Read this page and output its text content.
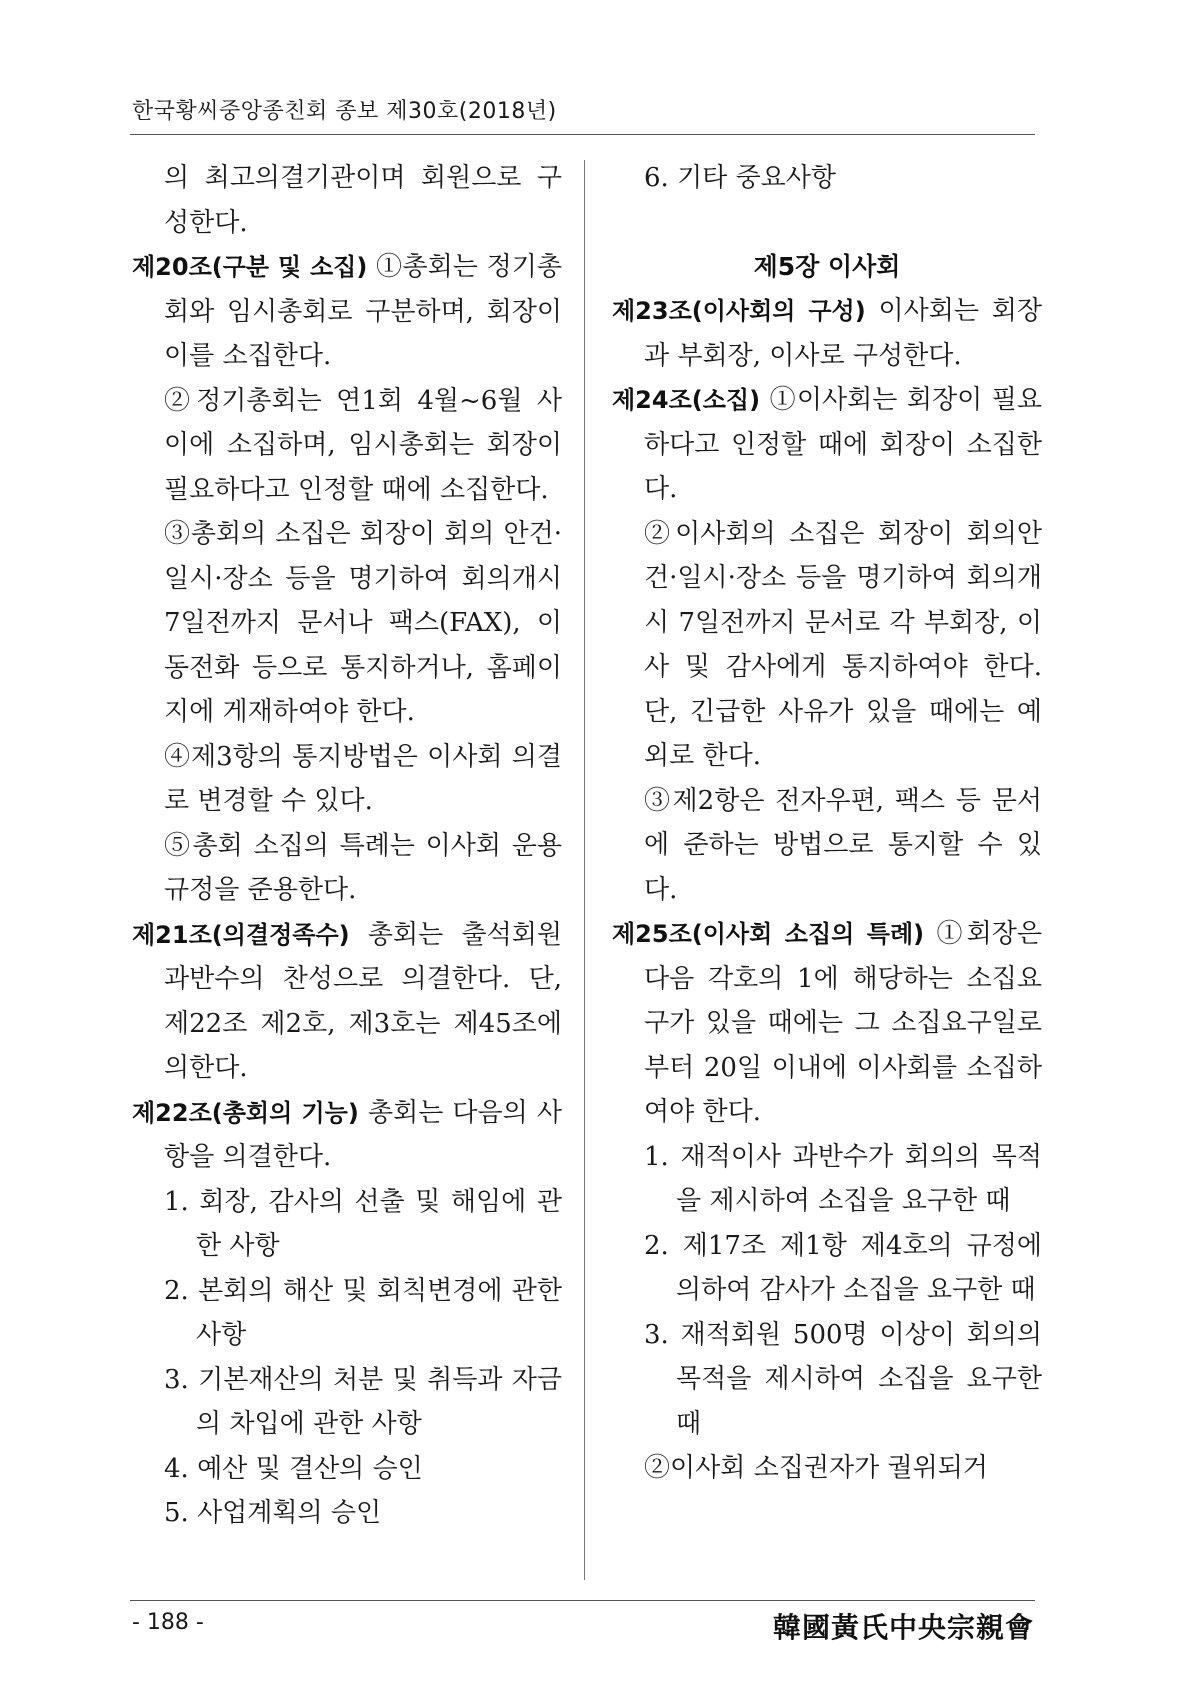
한국황씨중앙종친회 종보 제30호(2018년)

의 최고의결기관이며 회원으로 구성한다.

제20조(구분 및 소집) ①총회는 정기총회와 임시총회로 구분하며, 회장이 이를 소집한다.

②정기총회는 연1회 4월~6월 사이에 소집하며, 임시총회는 회장이 필요하다고 인정할 때에 소집한다.

③총회의 소집은 회장이 회의 안건·일시·장소 등을 명기하여 회의개시 7일전까지 문서나 팩스(FAX), 이동전화 등으로 통지하거나, 홈페이지에 게재하여야 한다.

④제3항의 통지방법은 이사회 의결로 변경할 수 있다.

⑤총회 소집의 특례는 이사회 운용규정을 준용한다.

제21조(의결정족수) 총회는 출석회원 과반수의 찬성으로 의결한다. 단, 제22조 제2호, 제3호는 제45조에 의한다.

제22조(총회의 기능) 총회는 다음의 사항을 의결한다.

1. 회장, 감사의 선출 및 해임에 관한 사항

2. 본회의 해산 및 회칙변경에 관한 사항

3. 기본재산의 처분 및 취득과 자금의 차입에 관한 사항

4. 예산 및 결산의 승인

5. 사업계획의 승인

6. 기타 중요사항

제5장 이사회

제23조(이사회의 구성) 이사회는 회장과 부회장, 이사로 구성한다.

제24조(소집) ①이사회는 회장이 필요하다고 인정할 때에 회장이 소집한다.

②이사회의 소집은 회장이 회의안건·일시·장소 등을 명기하여 회의개시 7일전까지 문서로 각 부회장, 이사 및 감사에게 통지하여야 한다. 단, 긴급한 사유가 있을 때에는 예외로 한다.

③제2항은 전자우편, 팩스 등 문서에 준하는 방법으로 통지할 수 있다.

제25조(이사회 소집의 특례) ①회장은 다음 각호의 1에 해당하는 소집요구가 있을 때에는 그 소집요구일로부터 20일 이내에 이사회를 소집하여야 한다.

1. 재적이사 과반수가 회의의 목적을 제시하여 소집을 요구한 때

2. 제17조 제1항 제4호의 규정에 의하여 감사가 소집을 요구한 때

3. 재적회원 500명 이상이 회의의 목적을 제시하여 소집을 요구한 때

②이사회 소집권자가 궐위되거

- 188 -	韓國黃氏中央宗親會
